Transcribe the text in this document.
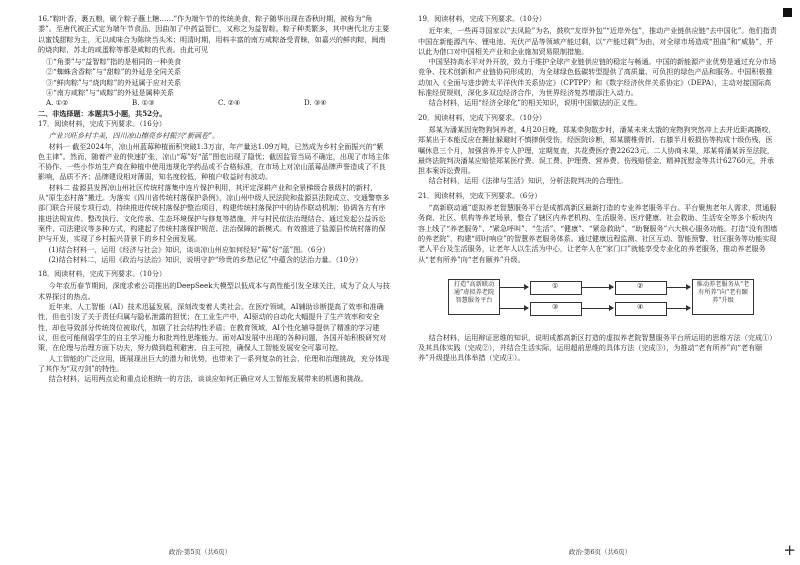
16.“粽叶香，裹五粮，刷个粽子蘸上糖……”作为端午节的传统美食，粽子随华出现在香秋时期，被称为“角黍”。至唐代被正式定为端午节食品，因曲加了中药益智仁，又称之为益智粽。粽子种类繁多，其中唐代北方主要以蜜饯甜粽为主，无以咸味合为陈续当头米；明清时期，用料丰富的南方咸粽备受青睐，如嘉兴的鲜肉粽，闽南的烧肉粽，苏北的咸蛋粽等都是咸粽的代表。由此可见

①“角黍”与“益智粽”指的是相同的一种美食
②“蜘蛛含香粽”与“甜粽”的外延是全同关系
③“鲜肉粽”与“烧肉粽”的外延属于应对关系
④“南方咸粽”与“咸粽”的外延是属种关系
A. ①②	B. ①③	C. ②④	D. ③④
二、非选择题：本题共5小题，共52分。
17．阅读材料，完成下列要求。（16分）

产业兴旺乡村丰美，四川凉山擦亮乡村振兴“新画卷”。

材料一 截至2024年，凉山州蓝莓种植面积突破1.3万亩，年产量达1.09万吨，已然成为乡村全面振兴的“紫色主律”。然而，随着产业的快速扩张，凉山“莓”好“蓝”图也出现了隐忧；截因监管当局不确定，出现了市场主体不协作、一些小作坊生产商在种植中使用违规化学药品或不合格标准，在市场上对凉山蓝莓品牌声誉造成了不良影响，品质不齐；品牌建设相对薄弱，知名度较低，种植户收益时有波动。

材料二 盐源县发挥凉山州社区传统村落集中连片保护利用，其评定深耕产业和全景梯级合景级村的新村，从“原生态村落”搬迁。为落实《四川省传统村落保护条例》，凉山州中级人民法院和盐源县法院成立、交通警察多部门联合开展专项行动，持续推进传统村落保护整治项目，构建传统村落保护中的协作联动机制；协调各方有序推进法规宣传、整改执行、文化传承、生态环境保护与修复等措施，并与村民依法治理结合、通过发起公益诉讼案件、司法建议等多种方式，构建起了传统村落保护规范、法治保障的新模式。有效推进了盐源县传统村落的保护与开发，实现了乡村振兴背景下的乡村全面发展。

(1)结合材料一，运用《经济与社会》知识，谈谈凉山州应如何经好“莓”好“蓝”图。（6分）

(2)结合材料二，运用《政治与法治》知识，说明守护“珍贵的乡愁记忆”中蕴含的法治力量。（10分）

18．阅读材料，完成下列要求。（10分）

今年农历春节期间，深度求索公司推出的DeepSeek大模型以低成本与高性能引发全球关注，成为了众人与技术界探讨的热点。

近年来，人工智能（AI）技术迅猛发展，深刻改变着人类社会。在医疗领域，AI辅助诊断提高了效率和准确性，但也引发了关于责任归属与隐私泄露的担忧；在工业生产中，AI驱动的自动化大幅提升了生产效率和安全性，却也导致部分传统岗位被取代，加剧了社会结构性矛盾；在教育领域，AI个性化辅导提供了精准的学习建议，但也可能削弱学生的自主学习能力和批判性思维能力。面对AI发展中出现的各种问题，各国开始积极研究对策，在伦理与治理方面下功夫，努力做到趋利避害、自主可控，确保人工智能发展安全可靠可控。

人工智能的广泛应用，既展现出巨大的潜力和优势，也带来了一系列复杂的社会、伦理和治理挑战，充分体现了其作为“双刃剑”的特性。

结合材料，运用两点论和重点论相统一的方法，谈谈应如何正确应对人工智能发展带来的机遇和挑战。

政治·第5页（共6页）
19．阅读材料，完成下列要求。（10分）

近年来，一些再寻国家以“去风险”为名，鼓吹“友岸外包”“近岸外包”，推动产业链供应链“去中国化”。他们指责中国在新能源汽车、锂电池、光伏产品等领域产能过剩，以“产能过剩”为由，对全球市场造成“扭曲”和“威胁”，并以此为借口对中国相关产业和企业施加贸易限制措施。

中国坚持高水平对外开放，致力于维护全球产业链供应链的稳定与畅通。中国的新能源产业优势是通过充分市场竞争、技术创新和产业链协同形成的，为全球绿色低碳转型提供了高质量、可负担的绿色产品和服务。中国积极推动加入《全面与进步跨太平洋伙伴关系协定》（CPTPP）和《数字经济伙伴关系协定》（DEPA），主动对接国际高标准经贸规则，深化多双边经济合作，为世界经济复苏增添注入动力。

结合材料，运用“经济全球化”的相关知识，说明中国做法的正义性。

20．阅读材料，完成下列要求。（10分）

郑某为潘某因宠物狗饲养者，4月20日晚，郑某牵狗散步时，潘某未来太饿的宠物狗突然冲上去并近距离撕咬，郑某出于本能反应在撕扯躲避时不慎摔倒受伤，经医院诊断，郑某腰椎骨折、右膝半月板损伤等构成十级伤残，医嘱休息三个月，加强营养并专人护理，定期复查，共花费医疗费22623元。二人协商未果，郑某将潘某诉至法院，最终法院判决潘某应赔偿郑某医疗费、误工费、护理费、营养费、伤残赔偿金、精神抚慰金等共计62760元，并承担本案诉讼费用。

结合材料，运用《法律与生活》知识，分析法院判决的合理性。

21．阅读材料，完成下列要求。（6分）

“高新联动通”虚拟养老智慧服务平台是成都高新区最新打造的专业养老服务平台。平台聚焦老年人需求，贯通服务商、社区、机构等养老场景，整合了辖区内养老机构、生活服务、医疗健康、社会救助、生活安全等多个板块内容上线了“养老服务”、“紧急呼叫”、“生活”、“健康”、“紧急救助”、“助餐服务”六大核心服务功能。打造“没有围墙的养老院”，构建“即时响应”的智慧养老服务体系。通过健康远程监测、社区互动、智能预警、社区服务等功能实现老人平台及生活服务，让老年人以生活为中心，让老年人在“家门口”就能享受专业化的养老服务，推动养老服务从“老有所养”向“老有颐养”升级。

打造“高新联动通”虚拟养老院智慧服务平台
①	②
③	④
推动养老服务从“老有所养”向“老有颐养”升级

结合材料，运用辩证思维的知识，说明成都高新区打造的虚拟养老院智慧服务平台所运用的思维方法（完成①）及其具体实践（完成②），并结合生活实际，运用超前思维的具体方法（完成③），为推动“老有所养”向“老有颐养”升级提出具体举措（完成④）。

政治·第6页（共6页）	+
